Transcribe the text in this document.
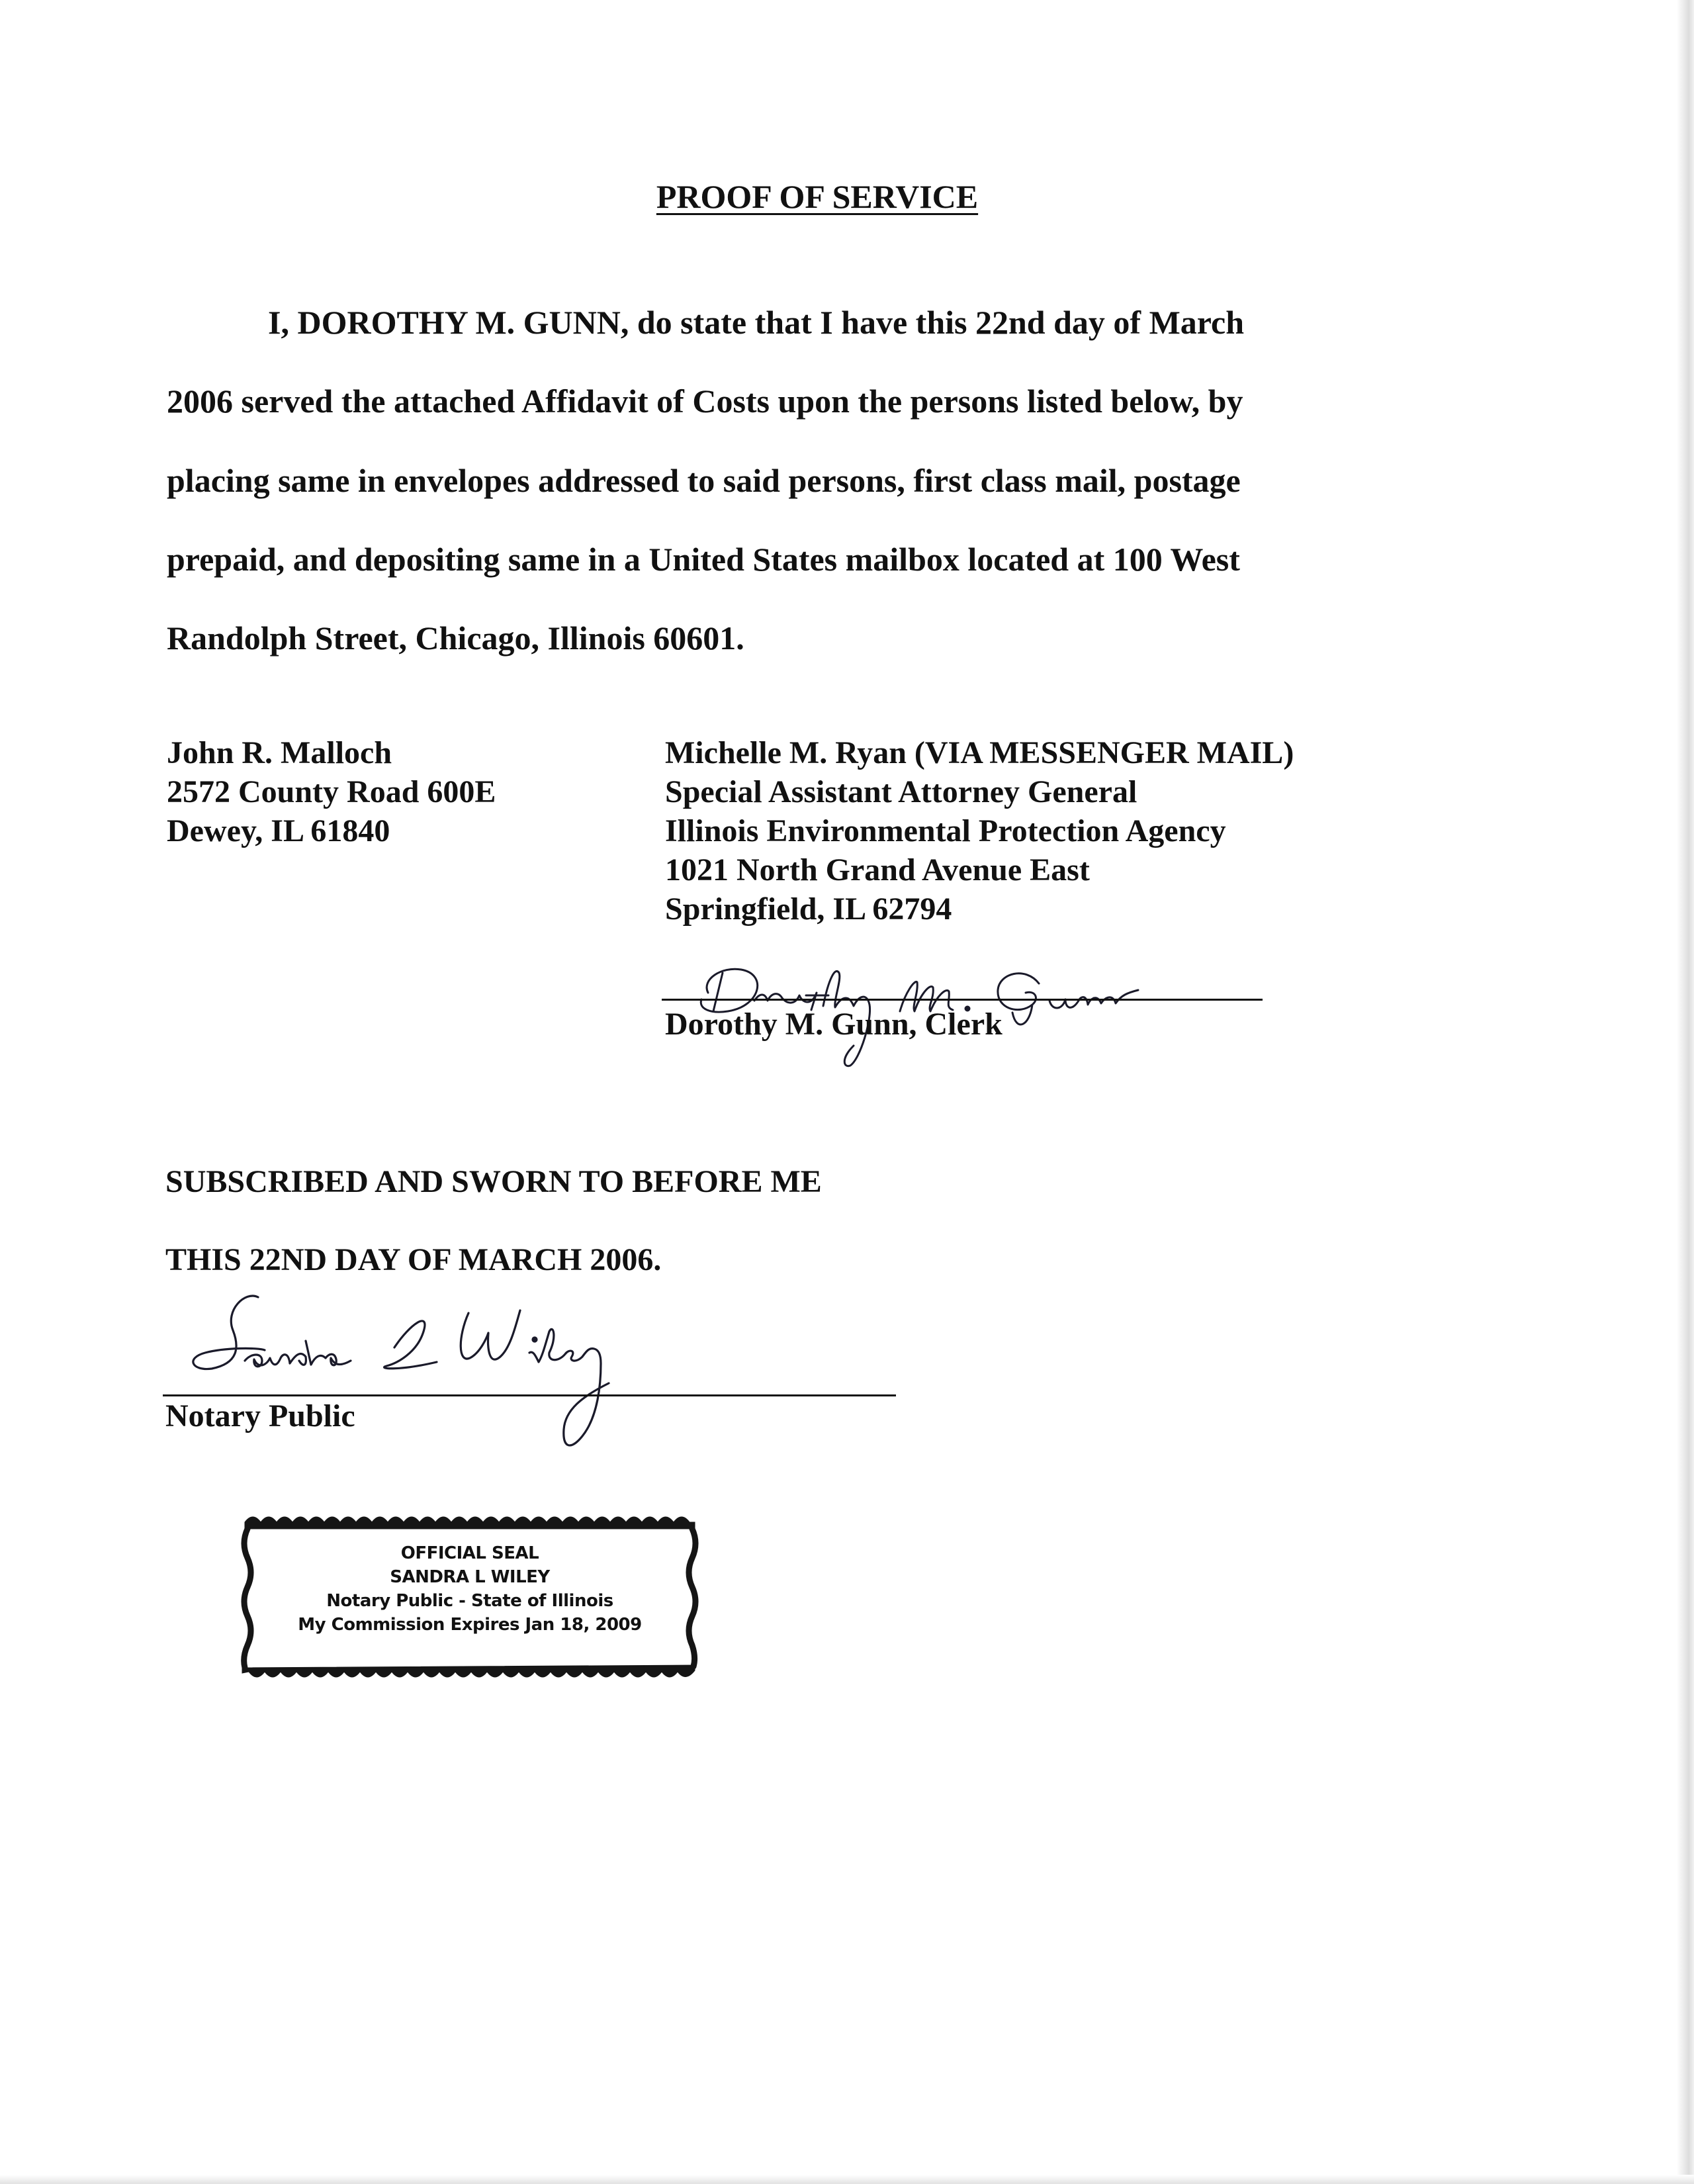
PROOF OF SERVICE
I, DOROTHY M. GUNN, do state that I have this 22nd day of March
2006 served the attached Affidavit of Costs upon the persons listed below, by
placing same in envelopes addressed to said persons, first class mail, postage
prepaid, and depositing same in a United States mailbox located at 100 West
Randolph Street, Chicago, Illinois 60601.
John R. Malloch
2572 County Road 600E
Dewey, IL 61840
Michelle M. Ryan (VIA MESSENGER MAIL)
Special Assistant Attorney General
Illinois Environmental Protection Agency
1021 North Grand Avenue East
Springfield, IL 62794
Dorothy M. Gunn, Clerk
SUBSCRIBED AND SWORN TO BEFORE ME
THIS 22ND DAY OF MARCH 2006.
Notary Public
OFFICIAL SEAL
SANDRA L WILEY
Notary Public - State of Illinois
My Commission Expires Jan 18, 2009
